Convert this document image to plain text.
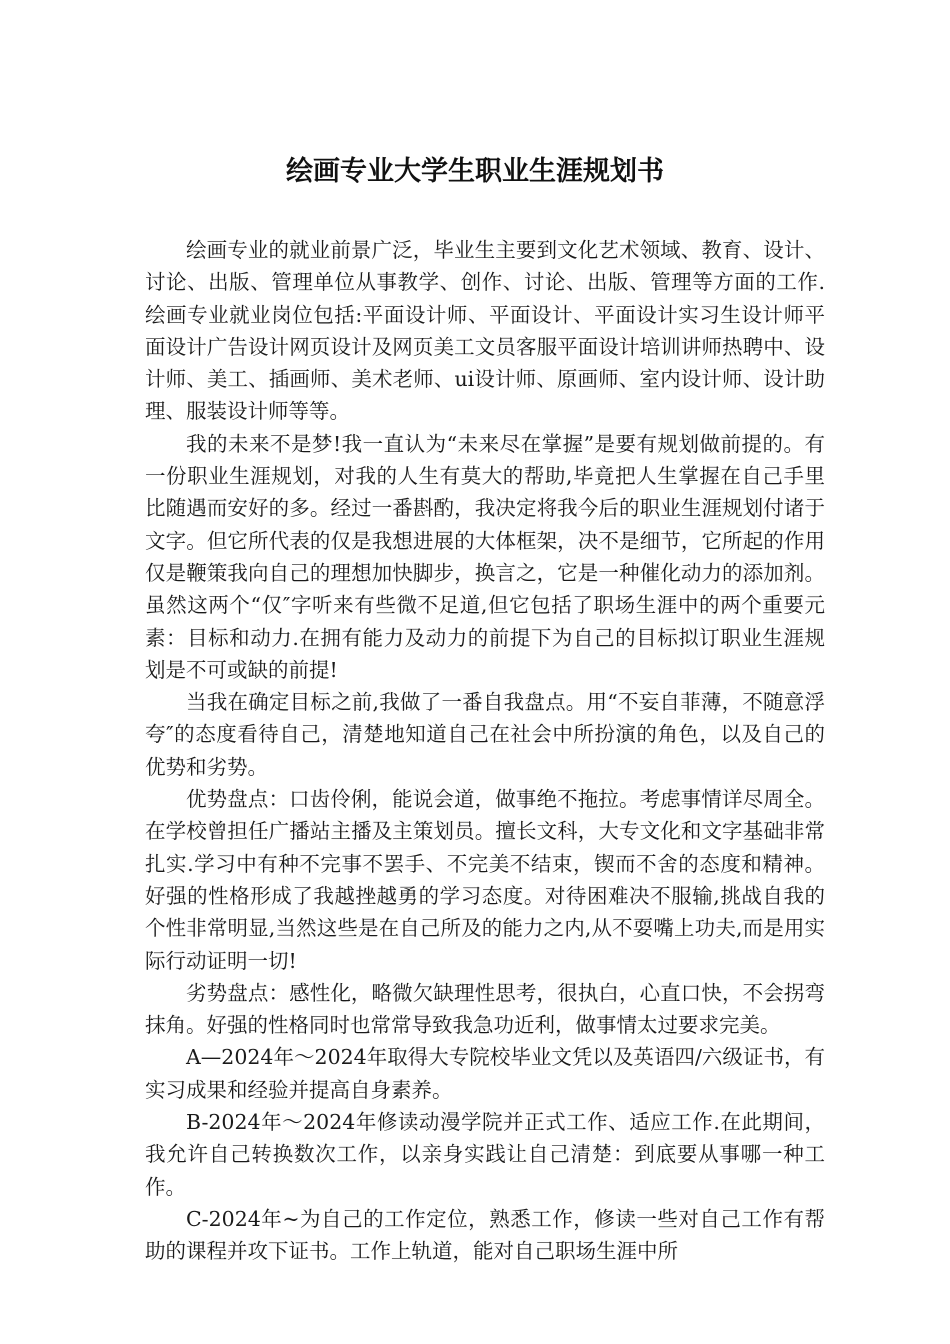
绘画专业大学生职业生涯规划书

绘画专业的就业前景广泛，毕业生主要到文化艺术领域、教育、设计、讨论、出版、管理单位从事教学、创作、讨论、出版、管理等方面的工作.绘画专业就业岗位包括:平面设计师、平面设计、平面设计实习生设计师平面设计广告设计网页设计及网页美工文员客服平面设计培训讲师热聘中、设计师、美工、插画师、美术老师、ui设计师、原画师、室内设计师、设计助理、服装设计师等等。

我的未来不是梦!我一直认为“未来尽在掌握”是要有规划做前提的。有一份职业生涯规划，对我的人生有莫大的帮助,毕竟把人生掌握在自己手里比随遇而安好的多。经过一番斟酌，我决定将我今后的职业生涯规划付诸于文字。但它所代表的仅是我想进展的大体框架，决不是细节，它所起的作用仅是鞭策我向自己的理想加快脚步，换言之，它是一种催化动力的添加剂。虽然这两个“仅″字听来有些微不足道,但它包括了职场生涯中的两个重要元素：目标和动力.在拥有能力及动力的前提下为自己的目标拟订职业生涯规划是不可或缺的前提!

当我在确定目标之前,我做了一番自我盘点。用“不妄自菲薄，不随意浮夸″的态度看待自己，清楚地知道自己在社会中所扮演的角色，以及自己的优势和劣势。

优势盘点：口齿伶俐，能说会道，做事绝不拖拉。考虑事情详尽周全。在学校曾担任广播站主播及主策划员。擅长文科，大专文化和文字基础非常扎实.学习中有种不完事不罢手、不完美不结束，锲而不舍的态度和精神。好强的性格形成了我越挫越勇的学习态度。对待困难决不服输,挑战自我的个性非常明显,当然这些是在自己所及的能力之内,从不耍嘴上功夫,而是用实际行动证明一切!

劣势盘点：感性化，略微欠缺理性思考，很执白，心直口快，不会拐弯抹角。好强的性格同时也常常导致我急功近利，做事情太过要求完美。

A—2024年～2024年取得大专院校毕业文凭以及英语四/六级证书，有实习成果和经验并提高自身素养。

B-2024年～2024年修读动漫学院并正式工作、适应工作.在此期间，我允许自己转换数次工作，以亲身实践让自己清楚：到底要从事哪一种工作。

C-2024年~为自己的工作定位，熟悉工作，修读一些对自己工作有帮助的课程并攻下证书。工作上轨道，能对自己职场生涯中所
